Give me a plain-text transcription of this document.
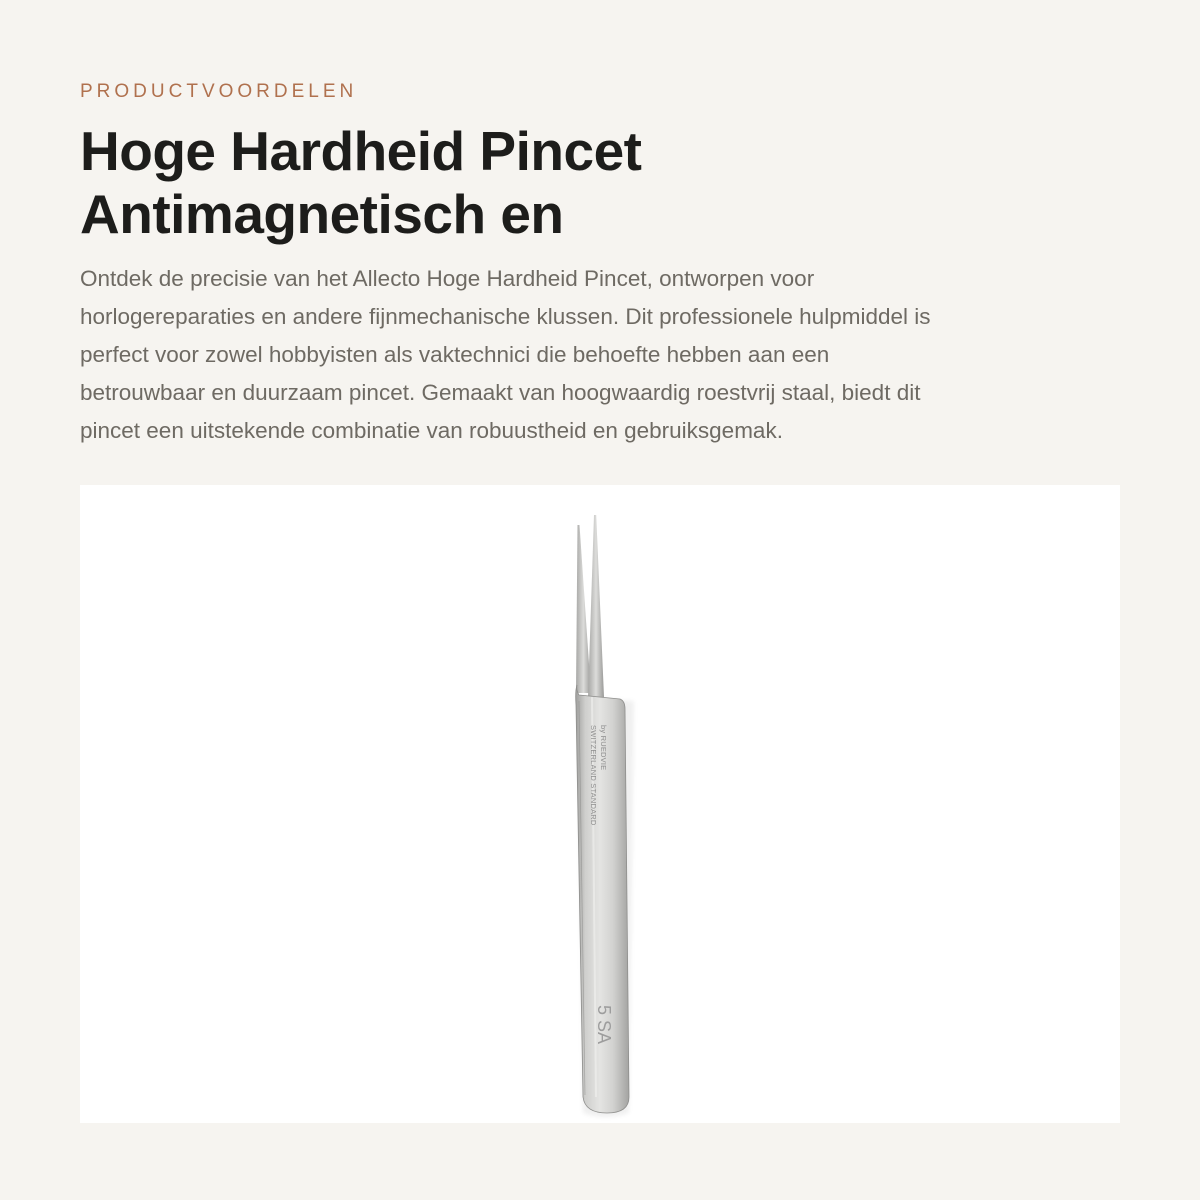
PRODUCTVOORDELEN
Hoge Hardheid Pincet
Antimagnetisch en

Ontdek de precisie van het Allecto Hoge Hardheid Pincet, ontworpen voor
horlogereparaties en andere fijnmechanische klussen. Dit professionele hulpmiddel is
perfect voor zowel hobbyisten als vaktechnici die behoefte hebben aan een
betrouwbaar en duurzaam pincet. Gemaakt van hoogwaardig roestvrij staal, biedt dit
pincet een uitstekende combinatie van robuustheid en gebruiksgemak.

by RUEDVIE
SWITZERLAND STANDARD
5 SA
